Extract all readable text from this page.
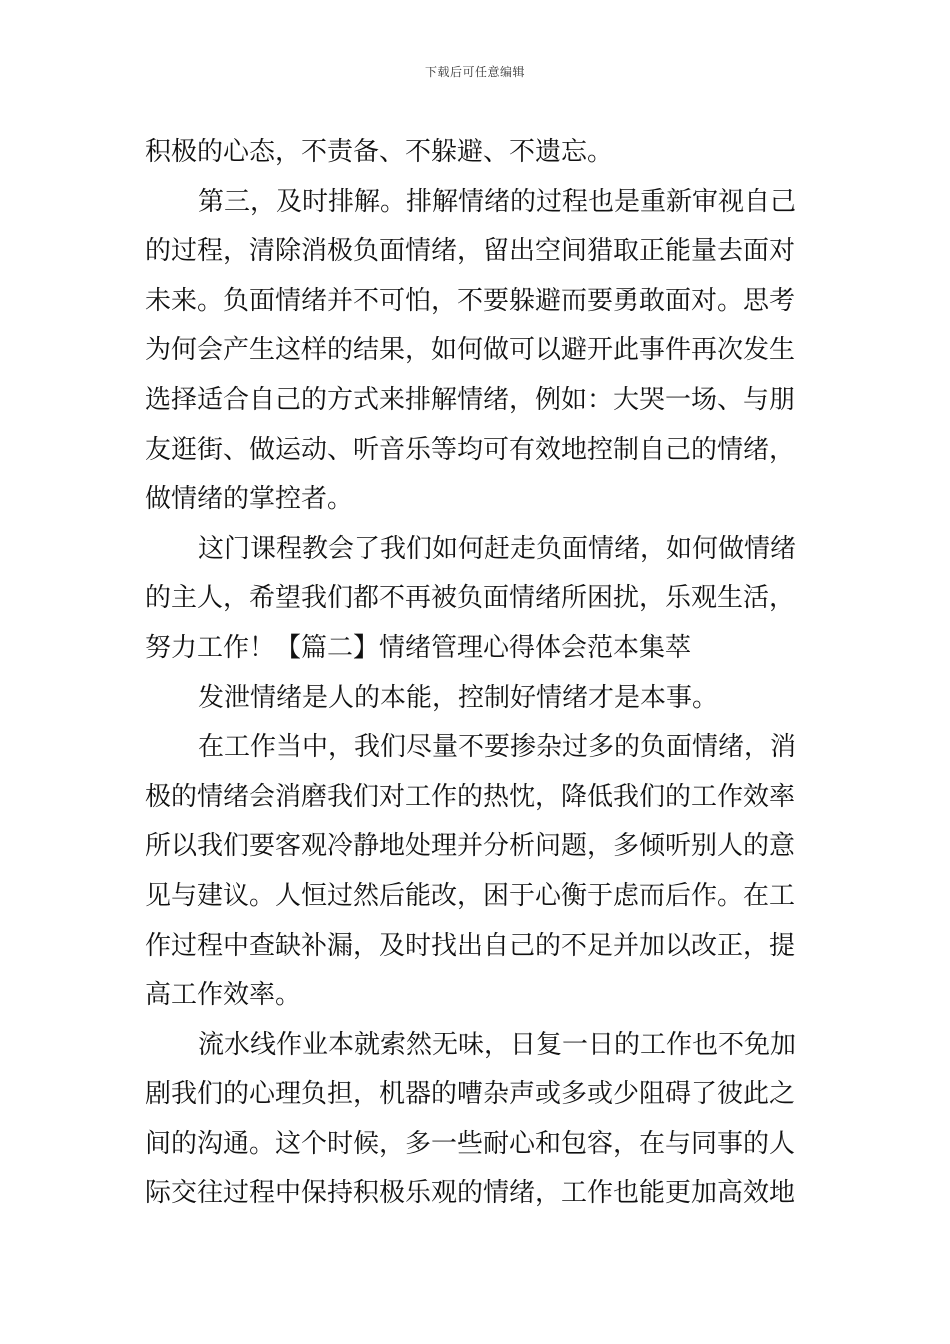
下载后可任意编辑
积极的心态，不责备、不躲避、不遗忘。
第三，及时排解。排解情绪的过程也是重新审视自己
的过程，清除消极负面情绪，留出空间猎取正能量去面对
未来。负面情绪并不可怕，不要躲避而要勇敢面对。思考
为何会产生这样的结果，如何做可以避开此事件再次发生
选择适合自己的方式来排解情绪，例如：大哭一场、与朋
友逛街、做运动、听音乐等均可有效地控制自己的情绪，
做情绪的掌控者。
这门课程教会了我们如何赶走负面情绪，如何做情绪
的主人，希望我们都不再被负面情绪所困扰，乐观生活，
努力工作！【篇二】情绪管理心得体会范本集萃
发泄情绪是人的本能，控制好情绪才是本事。
在工作当中，我们尽量不要掺杂过多的负面情绪，消
极的情绪会消磨我们对工作的热忱，降低我们的工作效率
所以我们要客观冷静地处理并分析问题，多倾听别人的意
见与建议。人恒过然后能改，困于心衡于虑而后作。在工
作过程中查缺补漏，及时找出自己的不足并加以改正，提
高工作效率。
流水线作业本就索然无味，日复一日的工作也不免加
剧我们的心理负担，机器的嘈杂声或多或少阻碍了彼此之
间的沟通。这个时候，多一些耐心和包容，在与同事的人
际交往过程中保持积极乐观的情绪，工作也能更加高效地
